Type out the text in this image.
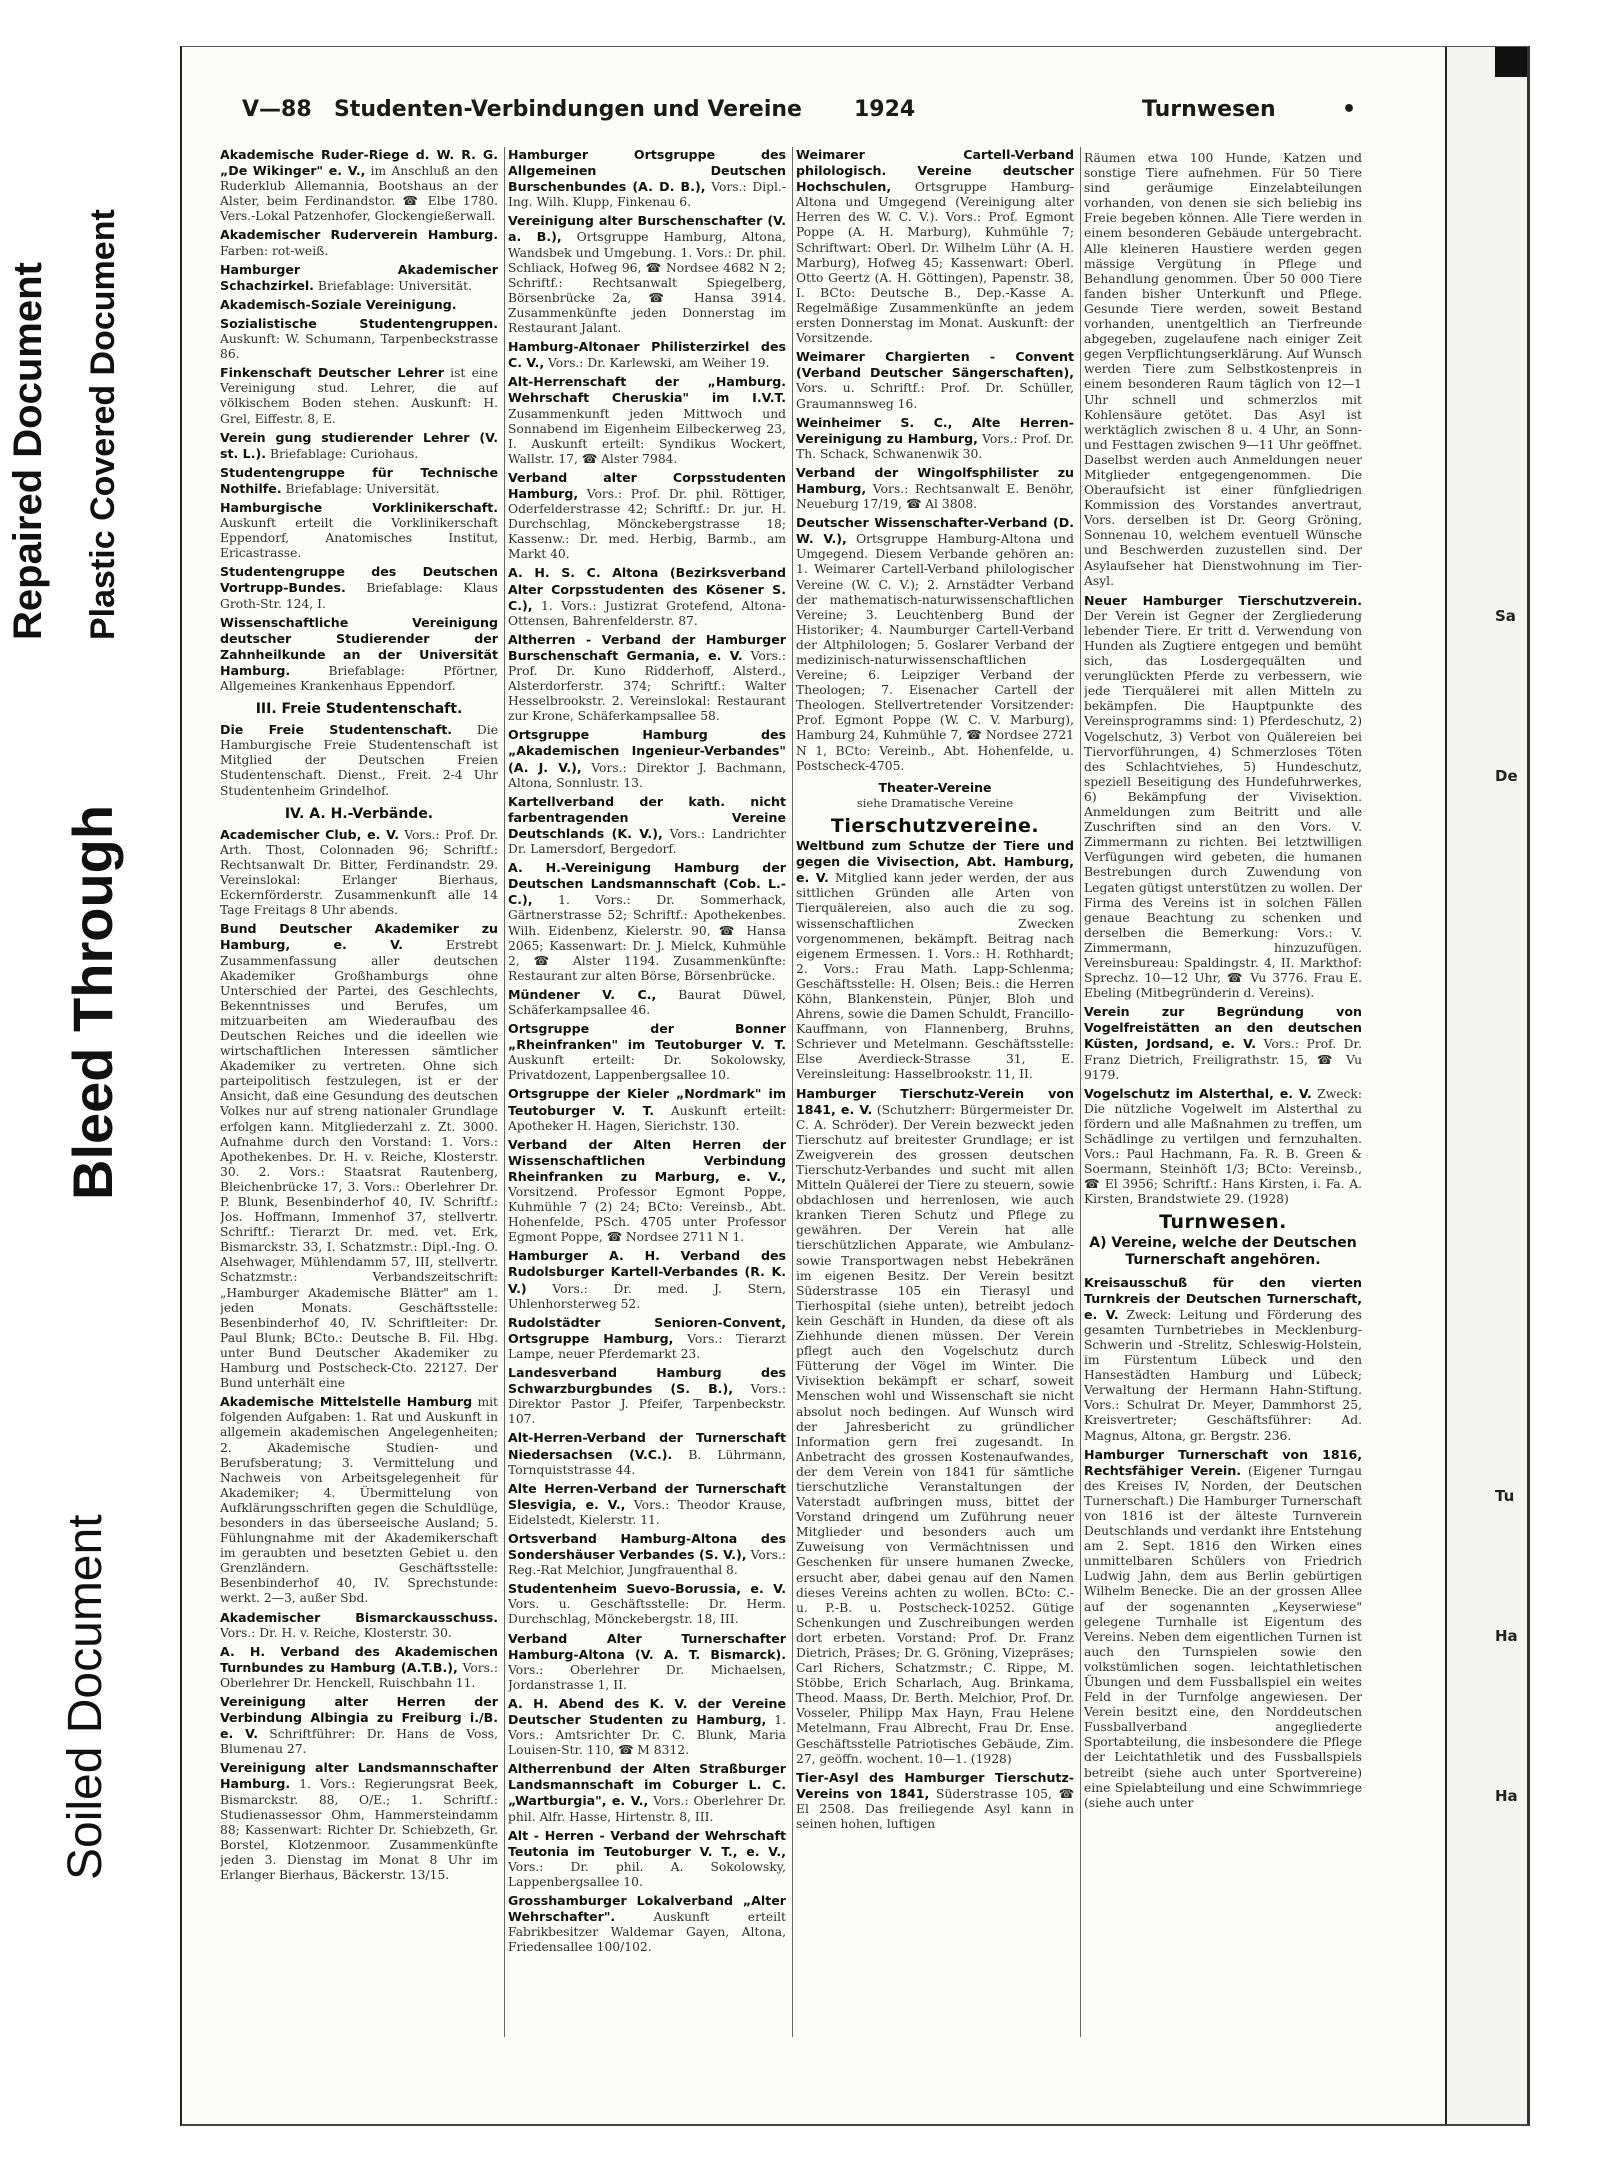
Repaired Document Plastic Covered Document
Bleed Through
Soiled Document
V—88 Studenten-Verbindungen und Vereine 1924	Turnwesen	•
Akademische Ruder-Riege d. W. R. G. „De Wikinger" e. V., im Anschluß an den Ruderklub Allemannia, Bootshaus an der Alster, beim Ferdinandstor. ☎ Elbe 1780. Vers.-Lokal Patzenhofer, Glockengießerwall.
Akademischer Ruderverein Hamburg. Farben: rot-weiß.
Hamburger Akademischer Schachzirkel. Briefablage: Universität.
Akademisch-Soziale Vereinigung.
Sozialistische Studentengruppen. Auskunft: W. Schumann, Tarpenbeckstrasse 86.
Finkenschaft Deutscher Lehrer ist eine Vereinigung stud. Lehrer, die auf völkischem Boden stehen. Auskunft: H. Grel, Eiffestr. 8, E.
Verein gung studierender Lehrer (V. st. L.). Briefablage: Curiohaus.
Studentengruppe für Technische Nothilfe. Briefablage: Universität.
Hamburgische Vorklinikerschaft. Auskunft erteilt die Vorklinikerschaft Eppendorf, Anatomisches Institut, Ericastrasse.
Studentengruppe des Deutschen Vortrupp-Bundes. Briefablage: Klaus Groth-Str. 124, I.
Wissenschaftliche Vereinigung deutscher Studierender der Zahnheilkunde an der Universität Hamburg.	Briefablage: Pförtner, Allgemeines Krankenhaus Eppendorf.
III. Freie Studentenschaft.
Die Freie Studentenschaft. Die Hamburgische Freie Studentenschaft ist Mitglied der Deutschen Freien Studentenschaft. Dienst., Freit. 2-4 Uhr Studentenheim Grindelhof.
IV. A. H.-Verbände.
Academischer Club, e. V. Vors.: Prof. Dr. Arth. Thost, Colonnaden 96; Schriftf.: Rechtsanwalt Dr. Bitter, Ferdinandstr. 29. Vereinslokal: Erlanger Bierhaus, Eckernförderstr. Zusammenkunft alle 14 Tage Freitags 8 Uhr abends.
Bund Deutscher Akademiker zu Hamburg, e. V.	Erstrebt Zusammenfassung aller deutschen Akademiker Großhamburgs ohne Unterschied der Partei, des Geschlechts, Bekenntnisses und Berufes, um mitzuarbeiten am Wiederaufbau des Deutschen Reiches und die ideellen wie wirtschaftlichen Interessen sämtlicher Akademiker zu vertreten. Ohne sich parteipolitisch festzulegen, ist er der Ansicht, daß eine Gesundung des deutschen Volkes nur auf streng nationaler Grundlage erfolgen kann. Mitgliederzahl z. Zt. 3000. Aufnahme durch den Vorstand: 1. Vors.: Apothekenbes. Dr. H. v. Reiche, Klosterstr. 30. 2. Vors.: Staatsrat Rautenberg, Bleichenbrücke 17, 3. Vors.: Oberlehrer Dr. P. Blunk, Besenbinderhof 40, IV. Schriftf.: Jos. Hoffmann, Immenhof 37, stellvertr. Schriftf.: Tierarzt Dr. med. vet. Erk, Bismarckstr. 33, I. Schatzmstr.: Dipl.-Ing. O. Alsehwager, Mühlendamm 57, III, stellvertr. Schatzmstr.: Verbandszeitschrift: „Hamburger Akademische Blätter" am 1. jeden Monats. Geschäftsstelle: Besenbinderhof 40, IV. Schriftleiter: Dr. Paul Blunk; BCto.: Deutsche B. Fil. Hbg. unter Bund Deutscher Akademiker zu Hamburg und Postscheck-Cto. 22127. Der Bund unterhält eine
Akademische Mittelstelle Hamburg mit folgenden Aufgaben: 1. Rat und Auskunft in allgemein akademischen Angelegenheiten; 2. Akademische Studien- und Berufsberatung; 3. Vermittelung und Nachweis von Arbeitsgelegenheit für Akademiker; 4. Übermittelung von Aufklärungsschriften gegen die Schuldlüge, besonders in das überseeische Ausland; 5. Fühlungnahme mit der Akademikerschaft im geraubten und besetzten Gebiet u. den Grenzländern. Geschäftsstelle: Besenbinderhof 40, IV. Sprechstunde: werkt. 2—3, außer Sbd.
Akademischer Bismarckausschuss. Vors.: Dr. H. v. Reiche, Klosterstr. 30.
A. H. Verband des Akademischen Turnbundes zu Hamburg (A.T.B.), Vors.: Oberlehrer Dr. Henckell, Ruischbahn 11.
Vereinigung alter Herren der Verbindung Albingia zu Freiburg i./B. e. V. Schriftführer: Dr. Hans de Voss, Blumenau 27.
Vereinigung alter Landsmannschafter Hamburg. 1. Vors.: Regierungsrat Beek, Bismarckstr. 88, O/E.; 1. Schriftf.: Studienassessor Ohm, Hammersteindamm 88; Kassenwart: Richter Dr. Schiebzeth, Gr. Borstel, Klotzenmoor. Zusammenkünfte jeden 3. Dienstag im Monat 8 Uhr im Erlanger Bierhaus, Bäckerstr. 13/15.
Hamburger Ortsgruppe des Allgemeinen Deutschen Burschenbundes (A. D. B.), Vors.: Dipl.-Ing. Wilh. Klupp, Finkenau 6.
Vereinigung alter Burschenschafter (V. a. B.), Ortsgruppe Hamburg, Altona, Wandsbek und Umgebung. 1. Vors.: Dr. phil. Schliack, Hofweg 96, ☎ Nordsee 4682 N 2; Schriftf.: Rechtsanwalt Spiegelberg, Börsenbrücke 2a, ☎ Hansa 3914. Zusammenkünfte jeden Donnerstag im Restaurant Jalant.
Hamburg-Altonaer Philisterzirkel des C. V., Vors.: Dr. Karlewski, am Weiher 19.
Alt-Herrenschaft der „Hamburg. Wehrschaft Cheruskia" im I.V.T. Zusammenkunft jeden Mittwoch und Sonnabend im Eigenheim Eilbeckerweg 23, I. Auskunft erteilt: Syndikus Wockert, Wallstr. 17, ☎ Alster 7984.
Verband alter Corpsstudenten Hamburg, Vors.: Prof. Dr. phil. Röttiger, Oderfelderstrasse 42; Schriftf.: Dr. jur. H. Durchschlag, Mönckebergstrasse 18; Kassenw.: Dr. med. Herbig, Barmb., am Markt 40.
A. H. S. C. Altona (Bezirksverband Alter Corpsstudenten des Kösener S. C.), 1. Vors.: Justizrat Grotefend, Altona-Ottensen, Bahrenfelderstr. 87.
Altherren - Verband der Hamburger Burschenschaft Germania, e. V. Vors.: Prof. Dr. Kuno Ridderhoff, Alsterd., Alsterdorferstr. 374; Schriftf.: Walter Hesselbrookstr. 2. Vereinslokal: Restaurant zur Krone, Schäferkampsallee 58.
Ortsgruppe Hamburg des „Akademischen Ingenieur-Verbandes" (A. J. V.), Vors.: Direktor J. Bachmann, Altona, Sonnlustr. 13.
Kartellverband der kath. nicht farbentragenden Vereine Deutschlands (K. V.), Vors.: Landrichter Dr. Lamersdorf, Bergedorf.
A. H.-Vereinigung Hamburg der Deutschen Landsmannschaft (Cob. L.-C.), 1. Vors.: Dr. Sommerhack, Gärtnerstrasse 52; Schriftf.: Apothekenbes. Wilh. Eidenbenz, Kielerstr. 90, ☎ Hansa 2065; Kassenwart: Dr. J. Mielck, Kuhmühle 2, ☎ Alster 1194. Zusammenkünfte: Restaurant zur alten Börse, Börsenbrücke.
Mündener V. C., Baurat Düwel, Schäferkampsallee 46.
Ortsgruppe der Bonner „Rheinfranken" im Teutoburger V. T. Auskunft erteilt: Dr. Sokolowsky, Privatdozent, Lappenbergsallee 10.
Ortsgruppe der Kieler „Nordmark" im Teutoburger V. T. Auskunft erteilt: Apotheker H. Hagen, Sierichstr. 130.
Verband der Alten Herren der Wissenschaftlichen Verbindung Rheinfranken zu Marburg, e. V., Vorsitzend. Professor Egmont Poppe, Kuhmühle 7 (2) 24; BCto: Vereinsb., Abt. Hohenfelde, PSch. 4705 unter Professor Egmont Poppe, ☎ Nordsee 2711 N 1.
Hamburger A. H. Verband des Rudolsburger Kartell-Verbandes (R. K. V.) Vors.: Dr. med. J. Stern, Uhlenhorsterweg 52.
Rudolstädter Senioren-Convent, Ortsgruppe Hamburg, Vors.: Tierarzt Lampe, neuer Pferdemarkt 23.
Landesverband Hamburg des Schwarzburgbundes (S. B.), Vors.: Direktor Pastor J. Pfeifer, Tarpenbeckstr. 107.
Alt-Herren-Verband der Turnerschaft Niedersachsen (V.C.). B. Lührmann, Tornquiststrasse 44.
Alte Herren-Verband der Turnerschaft Slesvigia, e. V., Vors.: Theodor Krause, Eidelstedt, Kielerstr. 11.
Ortsverband Hamburg-Altona des Sondershäuser Verbandes (S. V.), Vors.: Reg.-Rat Melchior, Jungfrauenthal 8.
Studentenheim Suevo-Borussia, e. V. Vors. u. Geschäftsstelle: Dr. Herm. Durchschlag, Mönckebergstr. 18, III.
Verband Alter Turnerschafter Hamburg-Altona (V. A. T. Bismarck). Vors.: Oberlehrer Dr. Michaelsen, Jordanstrasse 1, II.
A. H. Abend des K. V. der Vereine Deutscher Studenten zu Hamburg, 1. Vors.: Amtsrichter Dr. C. Blunk, Maria Louisen-Str. 110, ☎ M 8312.
Altherrenbund der Alten Straßburger Landsmannschaft im Coburger L. C. „Wartburgia", e. V., Vors.: Oberlehrer Dr. phil. Alfr. Hasse, Hirtenstr. 8, III.
Alt - Herren - Verband der Wehrschaft Teutonia im Teutoburger V. T., e. V., Vors.: Dr. phil. A. Sokolowsky, Lappenbergsallee 10.
Grosshamburger Lokalverband „Alter Wehrschafter".	Auskunft erteilt Fabrikbesitzer Waldemar Gayen, Altona, Friedensallee 100/102.
Weimarer Cartell-Verband philologisch. Vereine deutscher Hochschulen, Ortsgruppe Hamburg-Altona und Umgegend (Vereinigung alter Herren des W. C. V.). Vors.: Prof. Egmont Poppe (A. H. Marburg), Kuhmühle 7; Schriftwart: Oberl. Dr. Wilhelm Lühr (A. H. Marburg), Hofweg 45; Kassenwart: Oberl. Otto Geertz (A. H. Göttingen), Papenstr. 38, I. BCto: Deutsche B., Dep.-Kasse A. Regelmäßige Zusammenkünfte an jedem ersten Donnerstag im Monat. Auskunft: der Vorsitzende.
Weimarer Chargierten - Convent (Verband Deutscher Sängerschaften), Vors. u. Schriftf.: Prof. Dr. Schüller, Graumannsweg 16.
Weinheimer S. C., Alte Herren-Vereinigung zu Hamburg, Vors.: Prof. Dr. Th. Schack, Schwanenwik 30.
Verband der Wingolfsphilister zu Hamburg, Vors.: Rechtsanwalt E. Benöhr, Neueburg 17/19, ☎ Al 3808.
Deutscher Wissenschafter-Verband (D. W. V.), Ortsgruppe Hamburg-Altona und Umgegend. Diesem Verbande gehören an: 1. Weimarer Cartell-Verband philologischer Vereine (W. C. V.); 2. Arnstädter Verband der mathematisch-naturwissenschaftlichen Vereine; 3. Leuchtenberg Bund der Historiker; 4. Naumburger Cartell-Verband der Altphilologen; 5. Goslarer Verband der medizinisch-naturwissenschaftlichen Vereine; 6. Leipziger Verband der Theologen; 7. Eisenacher Cartell der Theologen. Stellvertretender Vorsitzender: Prof. Egmont Poppe (W. C. V. Marburg), Hamburg 24, Kuhmühle 7, ☎ Nordsee 2721 N 1, BCto: Vereinb., Abt. Hohenfelde, u. Postscheck-4705.
Theater-Vereine
siehe Dramatische Vereine
Tierschutzvereine.
Weltbund zum Schutze der Tiere und gegen die Vivisection, Abt. Hamburg, e. V. Mitglied kann jeder werden, der aus sittlichen Gründen alle Arten von Tierquälereien, also auch die zu sog. wissenschaftlichen Zwecken vorgenommenen, bekämpft. Beitrag nach eigenem Ermessen. 1. Vors.: H. Rothhardt; 2. Vors.: Frau Math. Lapp-Schlenma; Geschäftsstelle: H. Olsen; Beis.: die Herren Köhn, Blankenstein, Pünjer, Bloh und Ahrens, sowie die Damen Schuldt, Francillo-Kauffmann, von Flannenberg, Bruhns, Schriever und Metelmann. Geschäftsstelle: Else Averdieck-Strasse 31, E. Vereinsleitung: Hasselbrookstr. 11, II.
Hamburger Tierschutz-Verein von 1841, e. V. (Schutzherr: Bürgermeister Dr. C. A. Schröder). Der Verein bezweckt jeden Tierschutz auf breitester Grundlage; er ist Zweigverein des grossen deutschen Tierschutz-Verbandes und sucht mit allen Mitteln Quälerei der Tiere zu steuern, sowie obdachlosen und herrenlosen, wie auch kranken Tieren Schutz und Pflege zu gewähren. Der Verein hat alle tierschützlichen Apparate, wie Ambulanz- sowie Transportwagen nebst Hebekränen im eigenen Besitz. Der Verein besitzt Süderstrasse 105 ein Tierasyl und Tierhospital (siehe unten), betreibt jedoch kein Geschäft in Hunden, da diese oft als Ziehhunde dienen müssen. Der Verein pflegt auch den Vogelschutz durch Fütterung der Vögel im Winter. Die Vivisektion bekämpft er scharf, soweit Menschen wohl und Wissenschaft sie nicht absolut noch bedingen. Auf Wunsch wird der Jahresbericht zu gründlicher Information gern frei zugesandt. In Anbetracht des grossen Kostenaufwandes, der dem Verein von 1841 für sämtliche tierschutzliche Veranstaltungen der Vaterstadt aufbringen muss, bittet der Vorstand dringend um Zuführung neuer Mitglieder und besonders auch um Zuweisung von Vermächtnissen und Geschenken für unsere humanen Zwecke, ersucht aber, dabei genau auf den Namen dieses Vereins achten zu wollen. BCto: C.- u. P.-B. u. Postscheck-10252. Gütige Schenkungen und Zuschreibungen werden dort erbeten. Vorstand: Prof. Dr. Franz Dietrich, Präses; Dr. G. Gröning, Vizepräses; Carl Richers, Schatzmstr.; C. Rippe, M. Stöbbe, Erich Scharlach, Aug. Brinkama, Theod. Maass, Dr. Berth. Melchior, Prof. Dr. Vosseler, Philipp Max Hayn, Frau Helene Metelmann, Frau Albrecht, Frau Dr. Ense. Geschäftsstelle Patriotisches Gebäude, Zim. 27, geöffn. wochent. 10—1. (1928)
Tier-Asyl des Hamburger Tierschutz-Vereins von 1841, Süderstrasse 105, ☎ El 2508. Das freiliegende Asyl kann in seinen hohen, luftigen
Räumen etwa 100 Hunde, Katzen und sonstige Tiere aufnehmen. Für 50 Tiere sind geräumige Einzelabteilungen vorhanden, von denen sie sich beliebig ins Freie begeben können. Alle Tiere werden in einem besonderen Gebäude untergebracht. Alle kleineren Haustiere werden gegen mässige Vergütung in Pflege und Behandlung genommen. Über 50 000 Tiere fanden bisher Unterkunft und Pflege. Gesunde Tiere werden, soweit Bestand vorhanden, unentgeltlich an Tierfreunde abgegeben, zugelaufene nach einiger Zeit gegen Verpflichtungserklärung. Auf Wunsch werden Tiere zum Selbstkostenpreis in einem besonderen Raum täglich von 12—1 Uhr schnell und schmerzlos mit Kohlensäure getötet. Das Asyl ist werktäglich zwischen 8 u. 4 Uhr, an Sonn- und Festtagen zwischen 9—11 Uhr geöffnet. Daselbst werden auch Anmeldungen neuer Mitglieder entgegengenommen. Die Oberaufsicht ist einer fünfgliedrigen Kommission des Vorstandes anvertraut, Vors. derselben ist Dr. Georg Gröning, Sonnenau 10, welchem eventuell Wünsche und Beschwerden zuzustellen sind. Der Asylaufseher hat Dienstwohnung im Tier-Asyl.
Neuer Hamburger Tierschutzverein. Der Verein ist Gegner der Zergliederung lebender Tiere. Er tritt d. Verwendung von Hunden als Zugtiere entgegen und bemüht sich, das Losdergequälten und verunglückten Pferde zu verbessern, wie jede Tierquälerei mit allen Mitteln zu bekämpfen. Die Hauptpunkte des Vereinsprogramms sind: 1) Pferdeschutz, 2) Vogelschutz, 3) Verbot von Quälereien bei Tiervorführungen, 4) Schmerzloses Töten des Schlachtviehes, 5) Hundeschutz, speziell Beseitigung des Hundefuhrwerkes, 6) Bekämpfung der Vivisektion. Anmeldungen zum Beitritt und alle Zuschriften sind an den Vors. V. Zimmermann zu richten. Bei letztwilligen Verfügungen wird gebeten, die humanen Bestrebungen durch Zuwendung von Legaten gütigst unterstützen zu wollen. Der Firma des Vereins ist in solchen Fällen genaue Beachtung zu schenken und derselben die Bemerkung: Vors.: V. Zimmermann, hinzuzufügen. Vereinsbureau: Spaldingstr. 4, II. Markthof: Sprechz. 10—12 Uhr, ☎ Vu 3776. Frau E. Ebeling (Mitbegründerin d. Vereins).
Verein zur Begründung von Vogelfreistätten an den deutschen Küsten, Jordsand, e. V. Vors.: Prof. Dr. Franz Dietrich, Freiligrathstr. 15, ☎ Vu 9179.
Vogelschutz im Alsterthal, e. V. Zweck: Die nützliche Vogelwelt im Alsterthal zu fördern und alle Maßnahmen zu treffen, um Schädlinge zu vertilgen und fernzuhalten. Vors.: Paul Hachmann, Fa. R. B. Green & Soermann, Steinhöft 1/3; BCto: Vereinsb., ☎ El 3956; Schriftf.: Hans Kirsten, i. Fa. A. Kirsten, Brandstwiete 29. (1928)
Turnwesen.
A) Vereine, welche der Deutschen Turnerschaft angehören.
Kreisausschuß für den vierten Turnkreis der Deutschen Turnerschaft, e. V. Zweck: Leitung und Förderung des gesamten Turnbetriebes in Mecklenburg-Schwerin und -Strelitz, Schleswig-Holstein, im Fürstentum Lübeck und den Hansestädten Hamburg und Lübeck; Verwaltung der Hermann Hahn-Stiftung. Vors.: Schulrat Dr. Meyer, Dammhorst 25, Kreisvertreter; Geschäftsführer: Ad. Magnus, Altona, gr. Bergstr. 236.
Hamburger Turnerschaft von 1816, Rechtsfähiger Verein. (Eigener Turngau des Kreises IV, Norden, der Deutschen Turnerschaft.) Die Hamburger Turnerschaft von 1816 ist der älteste Turnverein Deutschlands und verdankt ihre Entstehung am 2. Sept. 1816 den Wirken eines unmittelbaren Schülers von Friedrich Ludwig Jahn, dem aus Berlin gebürtigen Wilhelm Benecke. Die an der grossen Allee auf der sogenannten „Keyserwiese" gelegene Turnhalle ist Eigentum des Vereins. Neben dem eigentlichen Turnen ist auch den Turnspielen sowie den volkstümlichen sogen. leichtathletischen Übungen und dem Fussballspiel ein weites Feld in der Turnfolge angewiesen. Der Verein besitzt eine, den Norddeutschen Fussballverband angegliederte Sportabteilung, die insbesondere die Pflege der Leichtathletik und des Fussballspiels betreibt (siehe auch unter Sportvereine) eine Spielabteilung und eine Schwimmriege (siehe auch unter
Sa
De
Tu
Ha
Ha
